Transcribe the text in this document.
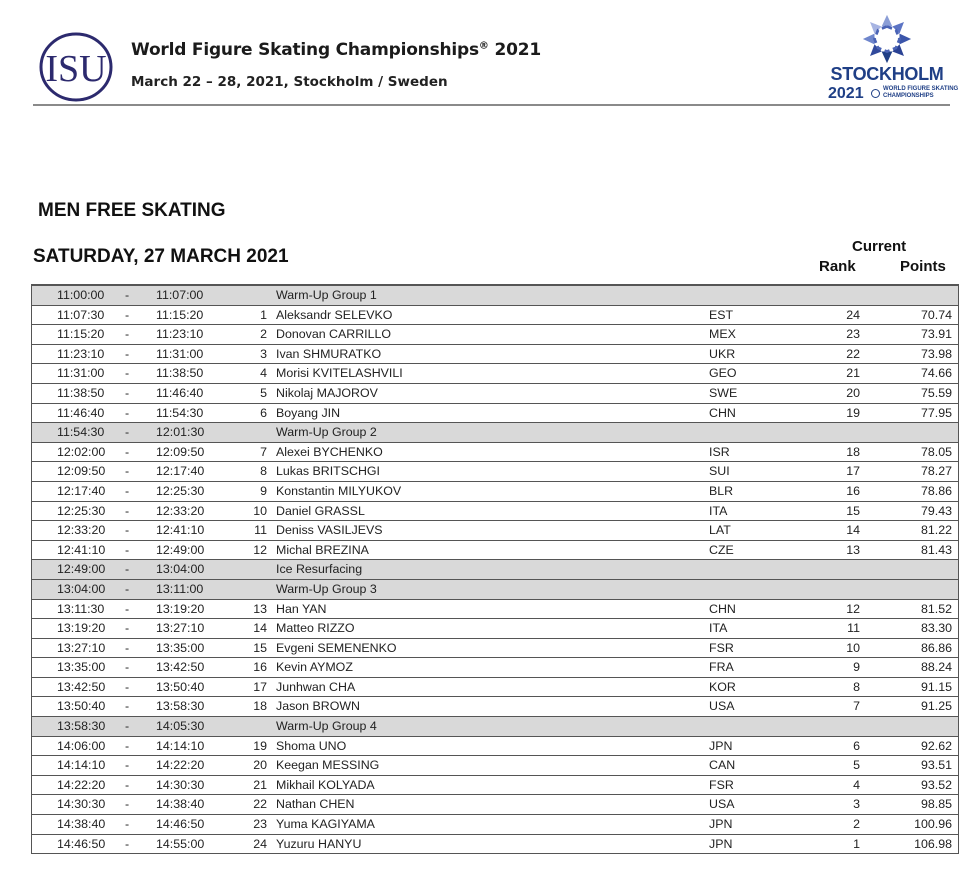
ISU World Figure Skating Championships® 2021
March 22 – 28, 2021, Stockholm / Sweden	STOCKHOLM
2021	WORLD FIGURE SKATING
CHAMPIONSHIPS
MEN FREE SKATING
SATURDAY, 27 MARCH 2021	Current
Rank	Points
11:00:00 - 11:07:00	Warm-Up Group 1
11:07:30 - 11:15:20	1 Aleksandr SELEVKO	EST	24	70.74
11:15:20 - 11:23:10	2 Donovan CARRILLO	MEX	23	73.91
11:23:10 - 11:31:00	3 Ivan SHMURATKO	UKR	22	73.98
11:31:00 - 11:38:50	4 Morisi KVITELASHVILI	GEO	21	74.66
11:38:50 - 11:46:40	5 Nikolaj MAJOROV	SWE	20	75.59
11:46:40 - 11:54:30	6 Boyang JIN	CHN	19	77.95
11:54:30 - 12:01:30	Warm-Up Group 2
12:02:00 - 12:09:50	7 Alexei BYCHENKO	ISR	18	78.05
12:09:50 - 12:17:40	8 Lukas BRITSCHGI	SUI	17	78.27
12:17:40 - 12:25:30	9 Konstantin MILYUKOV	BLR	16	78.86
12:25:30 - 12:33:20	10 Daniel GRASSL	ITA	15	79.43
12:33:20 - 12:41:10	11 Deniss VASILJEVS	LAT	14	81.22
12:41:10 - 12:49:00	12 Michal BREZINA	CZE	13	81.43
12:49:00 - 13:04:00	Ice Resurfacing
13:04:00 - 13:11:00	Warm-Up Group 3
13:11:30 - 13:19:20	13 Han YAN	CHN	12	81.52
13:19:20 - 13:27:10	14 Matteo RIZZO	ITA	11	83.30
13:27:10 - 13:35:00	15 Evgeni SEMENENKO	FSR	10	86.86
13:35:00 - 13:42:50	16 Kevin AYMOZ	FRA	9	88.24
13:42:50 - 13:50:40	17 Junhwan CHA	KOR	8	91.15
13:50:40 - 13:58:30	18 Jason BROWN	USA	7	91.25
13:58:30 - 14:05:30	Warm-Up Group 4
14:06:00 - 14:14:10	19 Shoma UNO	JPN	6	92.62
14:14:10 - 14:22:20	20 Keegan MESSING	CAN	5	93.51
14:22:20 - 14:30:30	21 Mikhail KOLYADA	FSR	4	93.52
14:30:30 - 14:38:40	22 Nathan CHEN	USA	3	98.85
14:38:40 - 14:46:50	23 Yuma KAGIYAMA	JPN	2	100.96
14:46:50 - 14:55:00	24 Yuzuru HANYU	JPN	1	106.98
